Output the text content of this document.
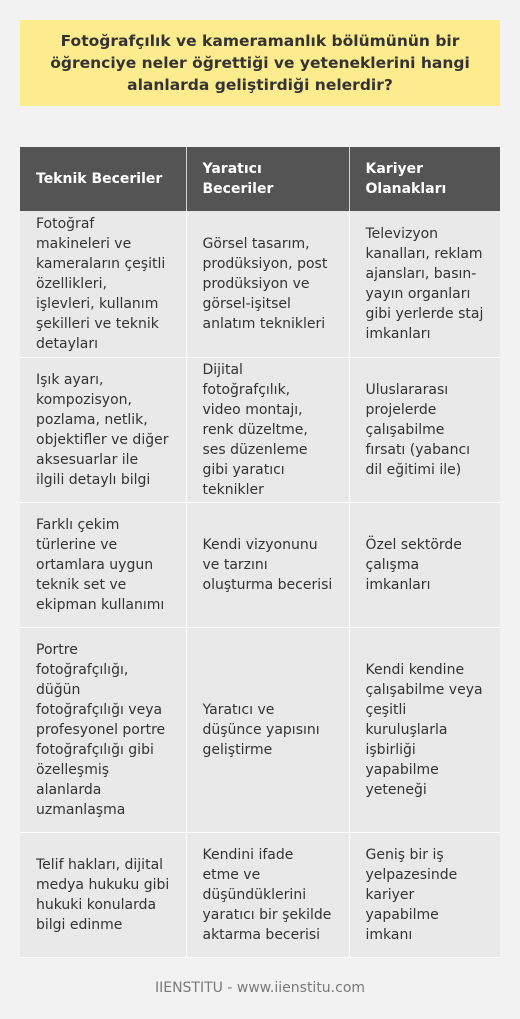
Fotoğrafçılık ve kameramanlık bölümünün bir öğrenciye neler öğrettiği ve yeteneklerini hangi alanlarda geliştirdiği nelerdir?

Teknik Beceriler	Yaratıcı Beceriler	Kariyer Olanakları
Fotoğraf makineleri ve kameraların çeşitli özellikleri, işlevleri, kullanım şekilleri ve teknik detayları	Görsel tasarım, prodüksiyon, post prodüksiyon ve görsel-işitsel anlatım teknikleri	Televizyon kanalları, reklam ajansları, basın-yayın organları gibi yerlerde staj imkanları
Işık ayarı, kompozisyon, pozlama, netlik, objektifler ve diğer aksesuarlar ile ilgili detaylı bilgi	Dijital fotoğrafçılık, video montajı, renk düzeltme, ses düzenleme gibi yaratıcı teknikler	Uluslararası projelerde çalışabilme fırsatı (yabancı dil eğitimi ile)
Farklı çekim türlerine ve ortamlara uygun teknik set ve ekipman kullanımı	Kendi vizyonunu ve tarzını oluşturma becerisi	Özel sektörde çalışma imkanları
Portre fotoğrafçılığı, düğün fotoğrafçılığı veya profesyonel portre fotoğrafçılığı gibi özelleşmiş alanlarda uzmanlaşma	Yaratıcı ve düşünce yapısını geliştirme	Kendi kendine çalışabilme veya çeşitli kuruluşlarla işbirliği yapabilme yeteneği
Telif hakları, dijital medya hukuku gibi hukuki konularda bilgi edinme	Kendini ifade etme ve düşündüklerini yaratıcı bir şekilde aktarma becerisi	Geniş bir iş yelpazesinde kariyer yapabilme imkanı
IIENSTITU - www.iienstitu.com
